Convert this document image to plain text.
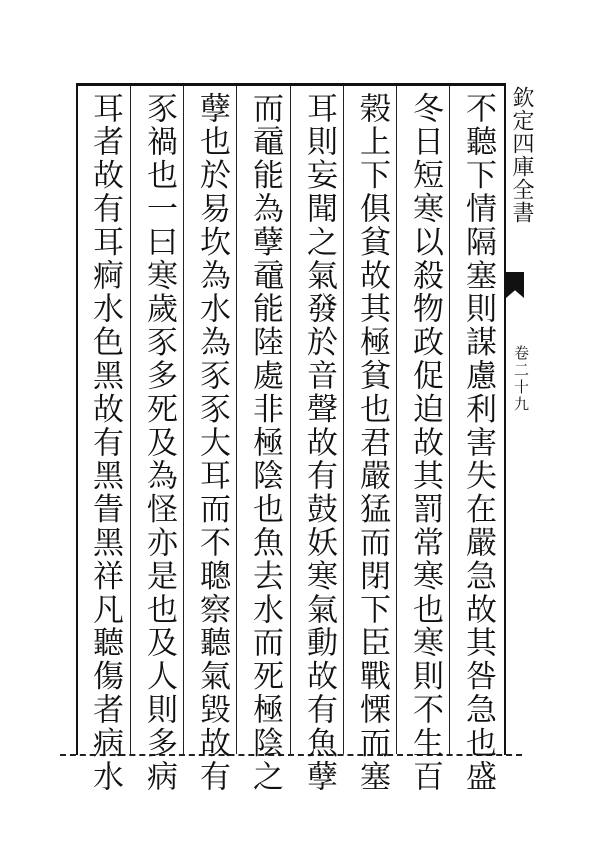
不聽下情隔塞則謀慮利害失在嚴急故其咎急也盛
冬日短寒以殺物政促迫故其罰常寒也寒則不生百
榖上下俱貧故其極貧也君嚴猛而閉下臣戰慄而塞
耳則妄聞之氣發於音聲故有鼓妖寒氣動故有魚孽
而黿能為孽黿能陸處非極陰也魚去水而死極陰之
孽也於易坎為水為豕豕大耳而不聰察聽氣毀故有
豕禍也一曰寒歲豕多死及為怪亦是也及人則多病
耳者故有耳痾水色黑故有黑眚黑祥凡聽傷者病水	欽定四庫全書
卷二十九
